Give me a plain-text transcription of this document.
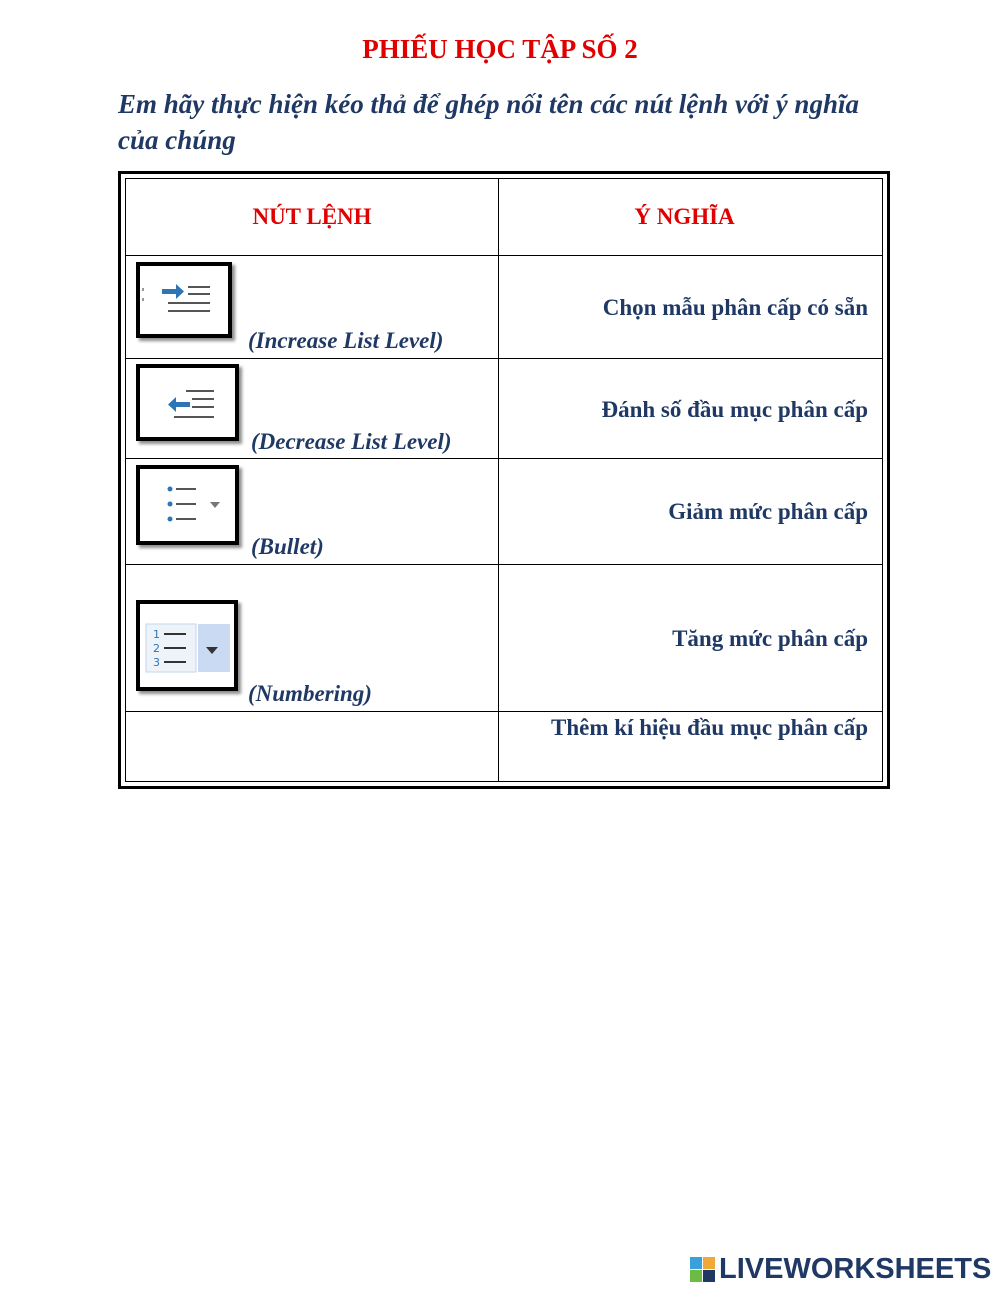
PHIẾU HỌC TẬP SỐ 2
Em hãy thực hiện kéo thả để ghép nối tên các nút lệnh với ý nghĩa của chúng
NÚT LỆNH	Ý NGHĨA
(Increase List Level)
Chọn mẫu phân cấp có sẵn
(Decrease List Level)
Đánh số đầu mục phân cấp
(Bullet)
Giảm mức phân cấp
1
2
3
(Numbering)
Tăng mức phân cấp
Thêm kí hiệu đầu mục phân cấp
LIVEWORKSHEETS
